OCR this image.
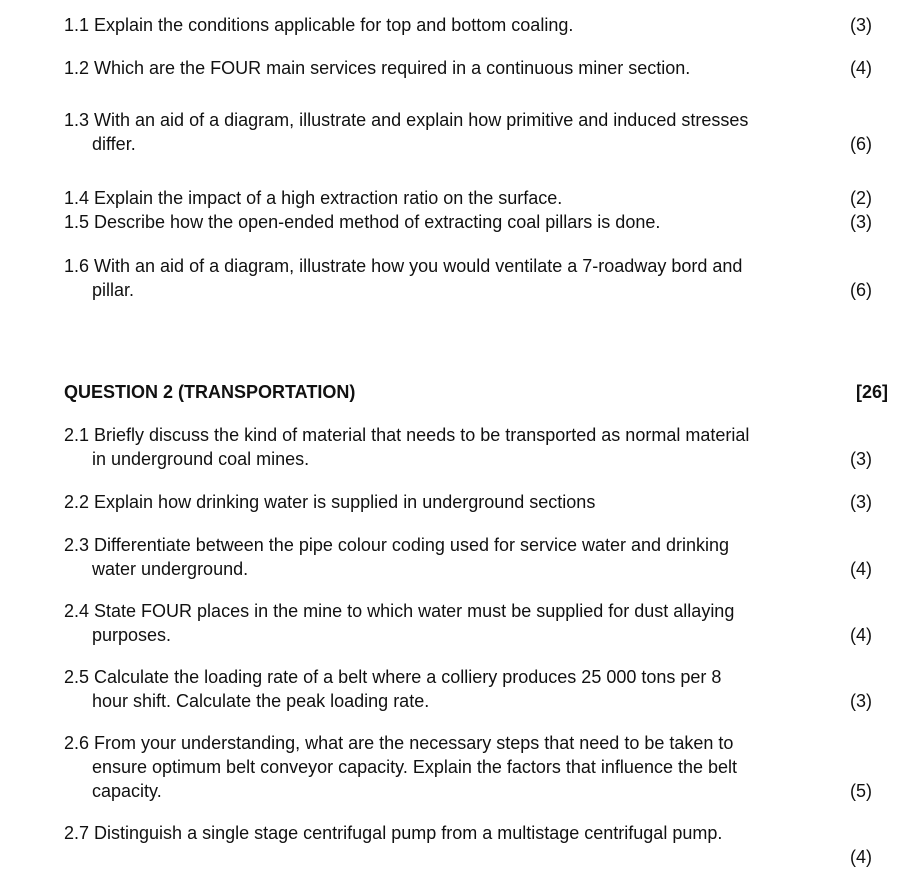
1.1 Explain the conditions applicable for top and bottom coaling.	(3)
1.2 Which are the FOUR main services required in a continuous miner section.	(4)
1.3 With an aid of a diagram, illustrate and explain how primitive and induced stresses
differ.	(6)
1.4 Explain the impact of a high extraction ratio on the surface.	(2)
1.5 Describe how the open-ended method of extracting coal pillars is done.	(3)
1.6 With an aid of a diagram, illustrate how you would ventilate a 7-roadway bord and
pillar.	(6)
QUESTION 2 (TRANSPORTATION)	[26]
2.1 Briefly discuss the kind of material that needs to be transported as normal material
in underground coal mines.	(3)
2.2 Explain how drinking water is supplied in underground sections	(3)
2.3 Differentiate between the pipe colour coding used for service water and drinking
water underground.	(4)
2.4 State FOUR places in the mine to which water must be supplied for dust allaying
purposes.	(4)
2.5 Calculate the loading rate of a belt where a colliery produces 25 000 tons per 8
hour shift. Calculate the peak loading rate.	(3)
2.6 From your understanding, what are the necessary steps that need to be taken to
ensure optimum belt conveyor capacity. Explain the factors that influence the belt
capacity.	(5)
2.7 Distinguish a single stage centrifugal pump from a multistage centrifugal pump.
(4)
